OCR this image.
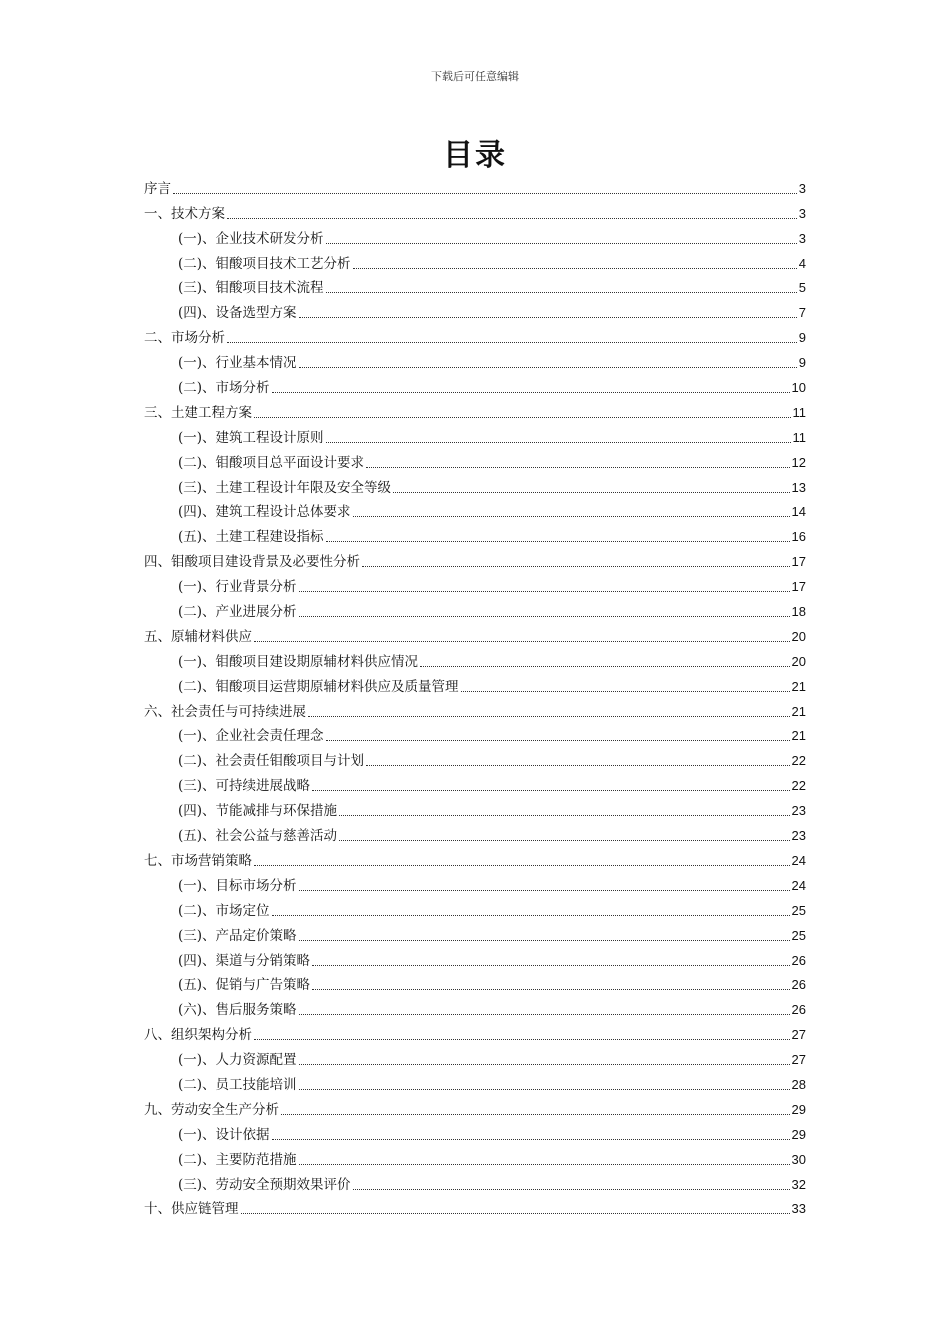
下载后可任意编辑
目录
序言	3
一、技术方案	3
(一)、企业技术研发分析	3
(二)、钼酸项目技术工艺分析	4
(三)、钼酸项目技术流程	5
(四)、设备选型方案	7
二、市场分析	9
(一)、行业基本情况	9
(二)、市场分析	10
三、土建工程方案	11
(一)、建筑工程设计原则	11
(二)、钼酸项目总平面设计要求	12
(三)、土建工程设计年限及安全等级	13
(四)、建筑工程设计总体要求	14
(五)、土建工程建设指标	16
四、钼酸项目建设背景及必要性分析	17
(一)、行业背景分析	17
(二)、产业进展分析	18
五、原辅材料供应	20
(一)、钼酸项目建设期原辅材料供应情况	20
(二)、钼酸项目运营期原辅材料供应及质量管理	21
六、社会责任与可持续进展	21
(一)、企业社会责任理念	21
(二)、社会责任钼酸项目与计划	22
(三)、可持续进展战略	22
(四)、节能减排与环保措施	23
(五)、社会公益与慈善活动	23
七、市场营销策略	24
(一)、目标市场分析	24
(二)、市场定位	25
(三)、产品定价策略	25
(四)、渠道与分销策略	26
(五)、促销与广告策略	26
(六)、售后服务策略	26
八、组织架构分析	27
(一)、人力资源配置	27
(二)、员工技能培训	28
九、劳动安全生产分析	29
(一)、设计依据	29
(二)、主要防范措施	30
(三)、劳动安全预期效果评价	32
十、供应链管理	33
